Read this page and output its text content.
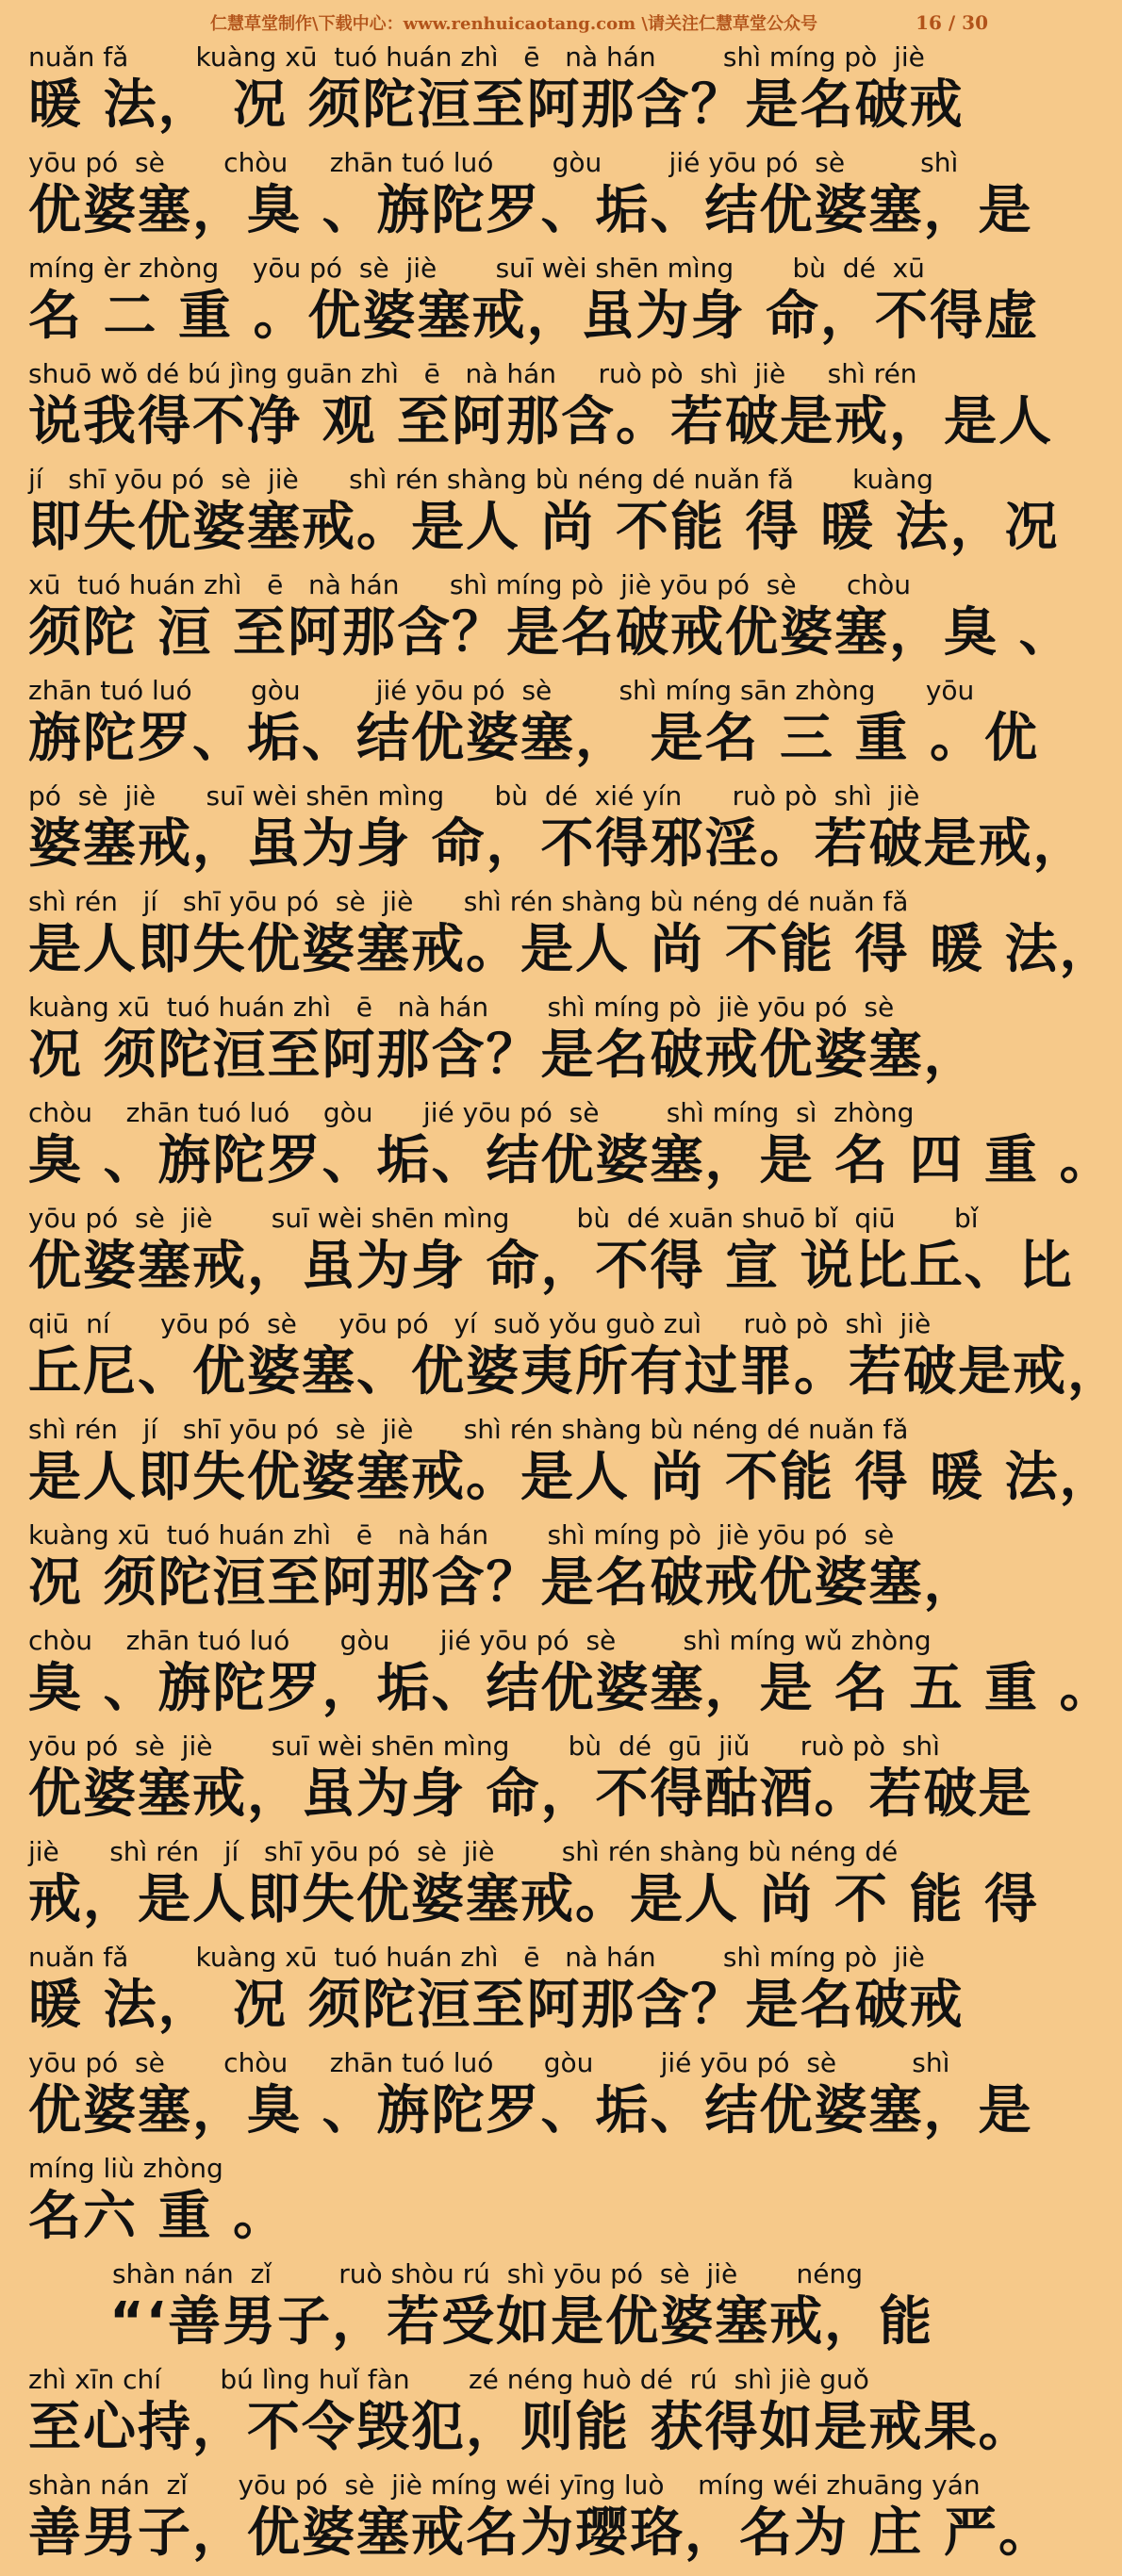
仁慧草堂制作\下载中心：www.renhuicaotang.com \请关注仁慧草堂公众号	16 / 30
nuǎn fǎ        kuàng xū  tuó huán zhì   ē   nà hán        shì míng pò  jiè
暖 法， 况 须陀洹至阿那含？是名破戒
yōu pó  sè       chòu     zhān tuó luó       gòu        jié yōu pó  sè         shì
优婆塞，臭 、旃陀罗、垢、结优婆塞，是
míng èr zhòng    yōu pó  sè  jiè       suī wèi shēn mìng       bù  dé  xū
名 二 重 。优婆塞戒，虽为身 命，不得虚
shuō wǒ dé bú jìng guān zhì   ē   nà hán     ruò pò  shì  jiè     shì rén
说我得不净 观 至阿那含。若破是戒，是人
jí   shī yōu pó  sè  jiè      shì rén shàng bù néng dé nuǎn fǎ       kuàng
即失优婆塞戒。是人 尚 不能 得 暖 法，况
xū  tuó huán zhì   ē   nà hán      shì míng pò  jiè yōu pó  sè      chòu
须陀 洹 至阿那含？是名破戒优婆塞，臭 、
zhān tuó luó       gòu         jié yōu pó  sè        shì míng sān zhòng      yōu
旃陀罗、垢、结优婆塞， 是名 三 重 。优
pó  sè  jiè      suī wèi shēn mìng      bù  dé  xié yín      ruò pò  shì  jiè
婆塞戒，虽为身 命，不得邪淫。若破是戒，
shì rén   jí   shī yōu pó  sè  jiè      shì rén shàng bù néng dé nuǎn fǎ
是人即失优婆塞戒。是人 尚 不能 得 暖 法，
kuàng xū  tuó huán zhì   ē   nà hán       shì míng pò  jiè yōu pó  sè
况 须陀洹至阿那含？是名破戒优婆塞，
chòu    zhān tuó luó    gòu      jié yōu pó  sè        shì míng  sì  zhòng
臭 、旃陀罗、垢、结优婆塞，是 名 四 重 。
yōu pó  sè  jiè       suī wèi shēn mìng        bù  dé xuān shuō bǐ  qiū       bǐ
优婆塞戒，虽为身 命，不得 宣 说比丘、比
qiū  ní      yōu pó  sè     yōu pó   yí  suǒ yǒu guò zuì     ruò pò  shì  jiè
丘尼、优婆塞、优婆夷所有过罪。若破是戒，
shì rén   jí   shī yōu pó  sè  jiè      shì rén shàng bù néng dé nuǎn fǎ
是人即失优婆塞戒。是人 尚 不能 得 暖 法，
kuàng xū  tuó huán zhì   ē   nà hán       shì míng pò  jiè yōu pó  sè
况 须陀洹至阿那含？是名破戒优婆塞，
chòu    zhān tuó luó      gòu      jié yōu pó  sè        shì míng wǔ zhòng
臭 、旃陀罗，垢、结优婆塞，是 名 五 重 。
yōu pó  sè  jiè       suī wèi shēn mìng       bù  dé  gū  jiǔ      ruò pò  shì
优婆塞戒，虽为身 命，不得酤酒。若破是
jiè      shì rén   jí   shī yōu pó  sè  jiè        shì rén shàng bù néng dé
戒，是人即失优婆塞戒。是人 尚 不 能 得
nuǎn fǎ        kuàng xū  tuó huán zhì   ē   nà hán        shì míng pò  jiè
暖 法， 况 须陀洹至阿那含？是名破戒
yōu pó  sè       chòu     zhān tuó luó      gòu        jié yōu pó  sè         shì
优婆塞，臭 、旃陀罗、垢、结优婆塞，是
míng liù zhòng
名六 重 。
shàn nán  zǐ        ruò shòu rú  shì yōu pó  sè  jiè       néng
“‘善男子，若受如是优婆塞戒，能
zhì xīn chí       bú lìng huǐ fàn       zé néng huò dé  rú  shì jiè guǒ
至心持，不令毁犯，则能 获得如是戒果。
shàn nán  zǐ      yōu pó  sè  jiè míng wéi yīng luò    míng wéi zhuāng yán
善男子，优婆塞戒名为璎珞，名为 庄 严。
